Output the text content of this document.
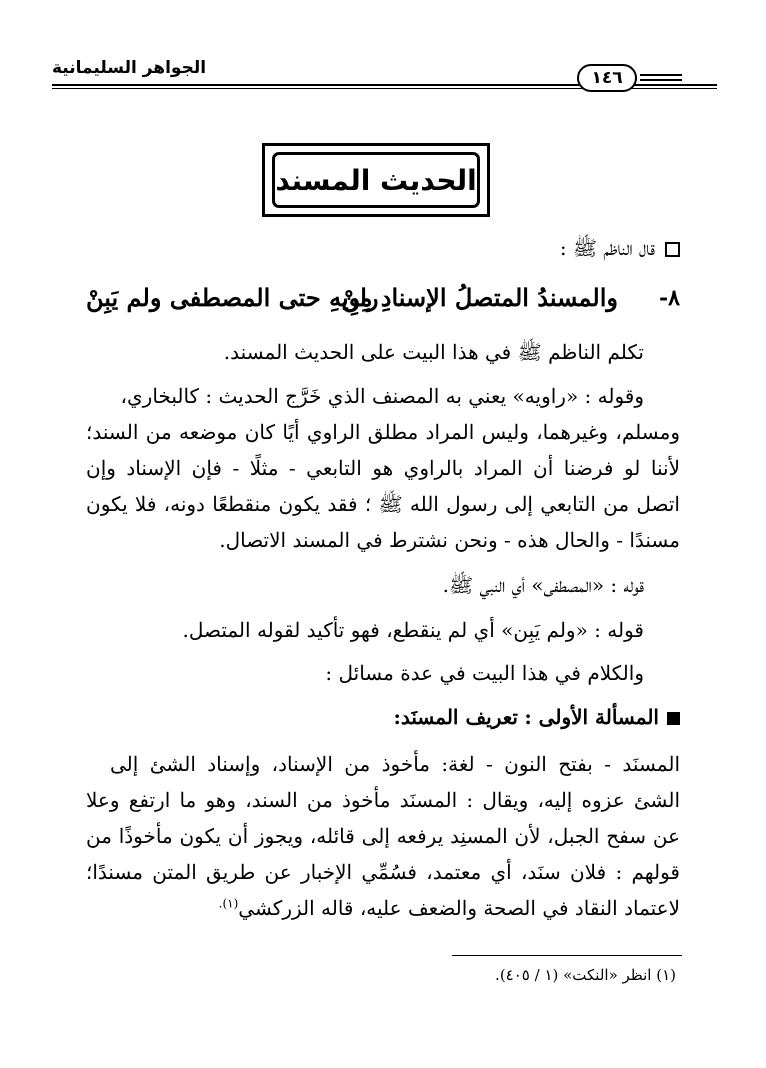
الجواهر السليمانية	١٤٦
الحديث المسند
قال الناظم ﷺ :
٨-
والمسندُ المتصلُ الإسنادِ مِنْ
راوِيهِ حتى المصطفى ولم يَبِنْ
تكلم الناظم ﷺ في هذا البيت على الحديث المسند.
وقوله : «راويه» يعني به المصنف الذي خَرَّج الحديث : كالبخاري،
ومسلم، وغيرهما، وليس المراد مطلق الراوي أيًا كان موضعه من السند؛
لأننا لو فرضنا أن المراد بالراوي هو التابعي - مثلًا - فإن الإسناد وإن
اتصل من التابعي إلى رسول الله ﷺ ؛ فقد يكون منقطعًا دونه، فلا يكون
مسندًا - والحال هذه - ونحن نشترط في المسند الاتصال.
قوله : «المصطفى» أي النبي ﷺ.
قوله : «ولم يَبِن» أي لم ينقطع، فهو تأكيد لقوله المتصل.
والكلام في هذا البيت في عدة مسائل :
المسألة الأولى : تعريف المسنَد:
المسنَد - بفتح النون - لغة: مأخوذ من الإسناد، وإسناد الشئ إلى
الشئ عزوه إليه، ويقال : المسنَد مأخوذ من السند، وهو ما ارتفع وعلا
عن سفح الجبل، لأن المسنِد يرفعه إلى قائله، ويجوز أن يكون مأخوذًا من
قولهم : فلان سنَد، أي معتمد، فسُمِّي الإخبار عن طريق المتن مسندًا؛
لاعتماد النقاد في الصحة والضعف عليه، قاله الزركشي$^{(١).}$
(١) انظر «النكت» (١ / ٤٠٥).
